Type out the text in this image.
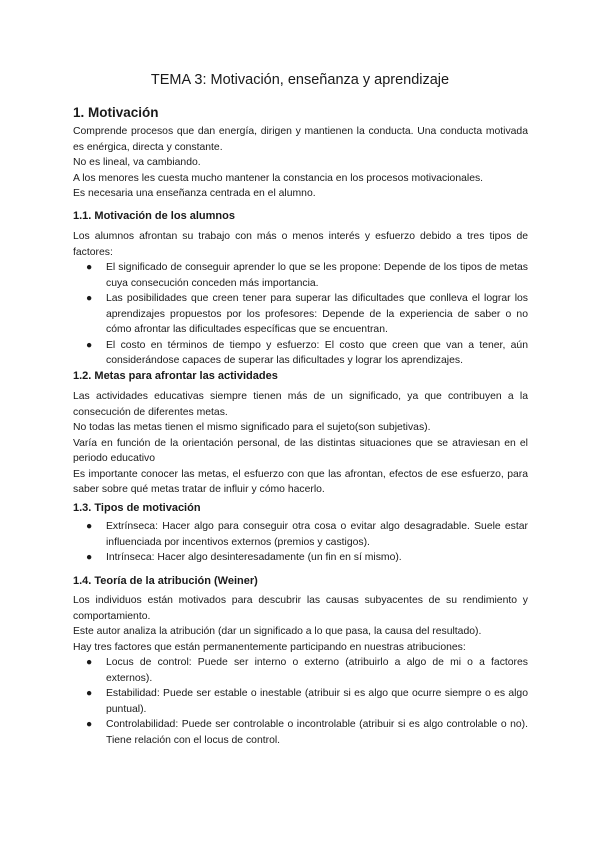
TEMA 3: Motivación, enseñanza y aprendizaje
1. Motivación

Comprende procesos que dan energía, dirigen y mantienen la conducta. Una conducta motivada es enérgica, directa y constante.

No es lineal, va cambiando.

A los menores les cuesta mucho mantener la constancia en los procesos motivacionales.

Es necesaria una enseñanza centrada en el alumno.

1.1. Motivación de los alumnos

Los alumnos afrontan su trabajo con más o menos interés y esfuerzo debido a tres tipos de factores:

● El significado de conseguir aprender lo que se les propone: Depende de los tipos de metas cuya consecución conceden más importancia.
● Las posibilidades que creen tener para superar las dificultades que conlleva el lograr los aprendizajes propuestos por los profesores: Depende de la experiencia de saber o no cómo afrontar las dificultades específicas que se encuentran.
● El costo en términos de tiempo y esfuerzo: El costo que creen que van a tener, aún considerándose capaces de superar las dificultades y lograr los aprendizajes.
1.2. Metas para afrontar las actividades

Las actividades educativas siempre tienen más de un significado, ya que contribuyen a la consecución de diferentes metas.

No todas las metas tienen el mismo significado para el sujeto(son subjetivas).

Varía en función de la orientación personal, de las distintas situaciones que se atraviesan en el periodo educativo

Es importante conocer las metas, el esfuerzo con que las afrontan, efectos de ese esfuerzo, para saber sobre qué metas tratar de influir y cómo hacerlo.

1.3. Tipos de motivación
● Extrínseca: Hacer algo para conseguir otra cosa o evitar algo desagradable. Suele estar influenciada por incentivos externos (premios y castigos).
● Intrínseca: Hacer algo desinteresadamente (un fin en sí mismo).
1.4. Teoría de la atribución (Weiner)

Los individuos están motivados para descubrir las causas subyacentes de su rendimiento y comportamiento.

Este autor analiza la atribución (dar un significado a lo que pasa, la causa del resultado).

Hay tres factores que están permanentemente participando en nuestras atribuciones:

● Locus de control: Puede ser interno o externo (atribuirlo a algo de mi o a factores externos).
● Estabilidad: Puede ser estable o inestable (atribuir si es algo que ocurre siempre o es algo puntual).
● Controlabilidad: Puede ser controlable o incontrolable (atribuir si es algo controlable o no). Tiene relación con el locus de control.
